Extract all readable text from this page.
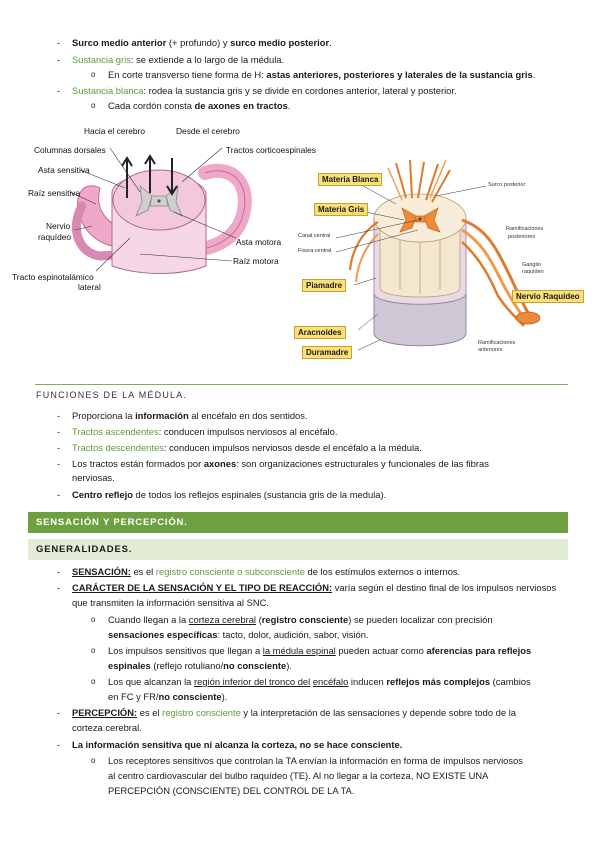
- Surco medio anterior (+ profundo) y surco medio posterior.
- Sustancia gris: se extiende a lo largo de la médula.
o En corte transverso tiene forma de H: astas anteriores, posteriores y laterales de la sustancia gris.
- Sustancia blanca: rodea la sustancia gris y se divide en cordones anterior, lateral y posterior.
o Cada cordón consta de axones en tractos.
Hacia el cerebro	Desde el cerebro
Columnas dorsales	Tractos corticoespinales
Asta sensitiva
Raíz sensitiva
Nervio
raquídeo	Asta motora
Raíz motora
Tracto espinotalámico
lateral
Materia Blanca
Materia Gris
Canal central
Fisura central
Piamadre
Aracnoides
Duramadre
Surco posterior
Ramificaciones
posteriores
Ganglio
raquídeo
Nervio Raquídeo
Ramificaciones
anteriores
FUNCIONES DE LA MÉDULA.
- Proporciona la información al encéfalo en dos sentidos.
- Tractos ascendentes: conducen impulsos nerviosos al encéfalo.
- Tractos descendentes: conducen impulsos nerviosos desde el encéfalo a la médula.
- Los tractos están formados por axones: son organizaciones estructurales y funcionales de las fibras
nerviosas.
- Centro reflejo de todos los reflejos espinales (sustancia gris de la medula).
SENSACIÓN Y PERCEPCIÓN.
GENERALIDADES.
- SENSACIÓN: es el registro consciente o subconsciente de los estímulos externos o internos.
- CARÁCTER DE LA SENSACIÓN Y EL TIPO DE REACCIÓN: varía según el destino final de los impulsos nerviosos
que transmiten la información sensitiva al SNC.
o Cuando llegan a la corteza cerebral (registro consciente) se pueden localizar con precisión
sensaciones específicas: tacto, dolor, audición, sabor, visión.
o Los impulsos sensitivos que llegan a la médula espinal pueden actuar como aferencias para reflejos
espinales (reflejo rotuliano/no consciente).
o Los que alcanzan la región inferior del tronco del encéfalo inducen reflejos más complejos (cambios
en FC y FR/no consciente).
- PERCEPCIÓN: es el registro consciente y la interpretación de las sensaciones y depende sobre todo de la
corteza cerebral.
- La información sensitiva que ni alcanza la corteza, no se hace consciente.
o Los receptores sensitivos que controlan la TA envían la información en forma de impulsos nerviosos
al centro cardiovascular del bulbo raquídeo (TE). Al no llegar a la corteza, NO EXISTE UNA
PERCEPCIÓN (CONSCIENTE) DEL CONTROL DE LA TA.
